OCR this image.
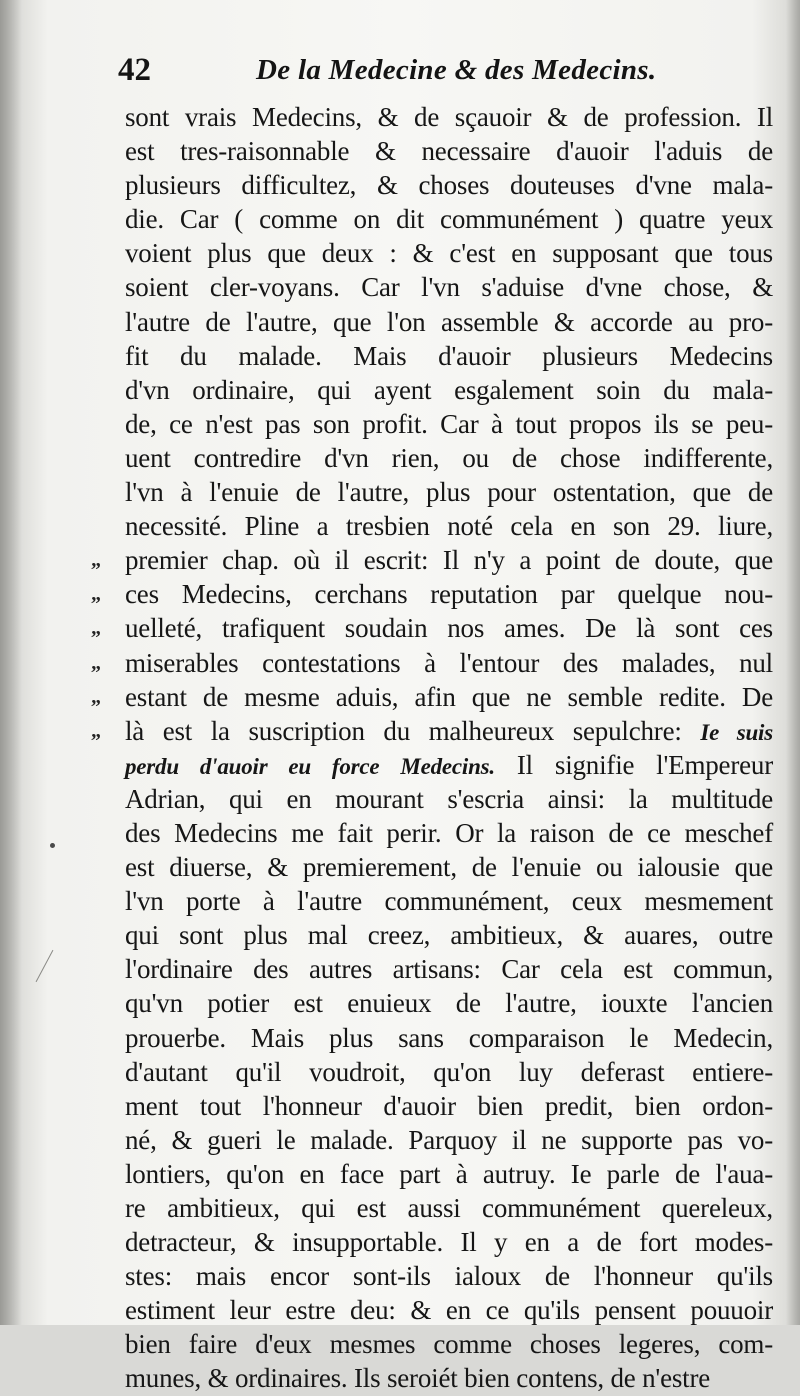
42	De la Medecine & des Medecins.
sont vrais Medecins, & de sçauoir & de profession. Il
est tres-raisonnable & necessaire d'auoir l'aduis de
plusieurs difficultez, & choses douteuses d'vne mala-
die. Car ( comme on dit communément ) quatre yeux
voient plus que deux : & c'est en supposant que tous
soient cler-voyans. Car l'vn s'aduise d'vne chose, &
l'autre de l'autre, que l'on assemble & accorde au pro-
fit du malade. Mais d'auoir plusieurs Medecins
d'vn ordinaire, qui ayent esgalement soin du mala-
de, ce n'est pas son profit. Car à tout propos ils se peu-
uent contredire d'vn rien, ou de chose indifferente,
l'vn à l'enuie de l'autre, plus pour ostentation, que de
necessité. Pline a tresbien noté cela en son 29. liure,
„ premier chap. où il escrit: Il n'y a point de doute, que
„ ces Medecins, cerchans reputation par quelque nou-
„ uelleté, trafiquent soudain nos ames. De là sont ces
„ miserables contestations à l'entour des malades, nul
„ estant de mesme aduis, afin que ne semble redite. De
„ là est la suscription du malheureux sepulchre: Ie suis
perdu d'auoir eu force Medecins. Il signifie l'Empereur
Adrian, qui en mourant s'escria ainsi: la multitude
des Medecins me fait perir. Or la raison de ce meschef
est diuerse, & premierement, de l'enuie ou ialousie que
l'vn porte à l'autre communément, ceux mesmement
qui sont plus mal creez, ambitieux, & auares, outre
l'ordinaire des autres artisans: Car cela est commun,
qu'vn potier est enuieux de l'autre, iouxte l'ancien
prouerbe. Mais plus sans comparaison le Medecin,
d'autant qu'il voudroit, qu'on luy deferast entiere-
ment tout l'honneur d'auoir bien predit, bien ordon-
né, & gueri le malade. Parquoy il ne supporte pas vo-
lontiers, qu'on en face part à autruy. Ie parle de l'aua-
re ambitieux, qui est aussi communément quereleux,
detracteur, & insupportable. Il y en a de fort modes-
stes: mais encor sont-ils ialoux de l'honneur qu'ils
estiment leur estre deu: & en ce qu'ils pensent pouuoir
bien faire d'eux mesmes comme choses legeres, com-
munes, & ordinaires. Ils seroiét bien contens, de n'estre
